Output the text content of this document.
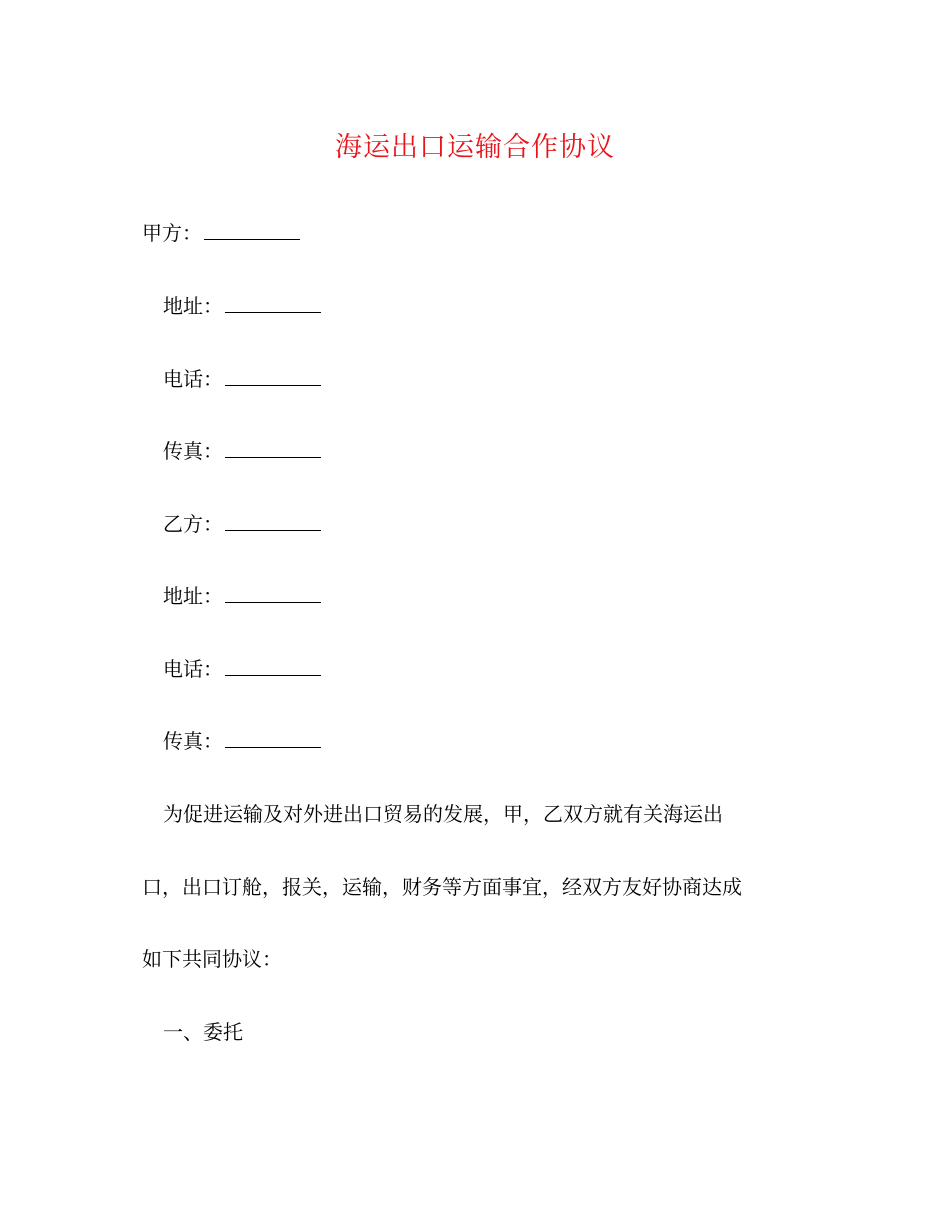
海运出口运输合作协议
甲方：
地址：
电话：
传真：
乙方：
地址：
电话：
传真：
为促进运输及对外进出口贸易的发展，甲，乙双方就有关海运出
口，出口订舱，报关，运输，财务等方面事宜，经双方友好协商达成
如下共同协议：
一、委托
